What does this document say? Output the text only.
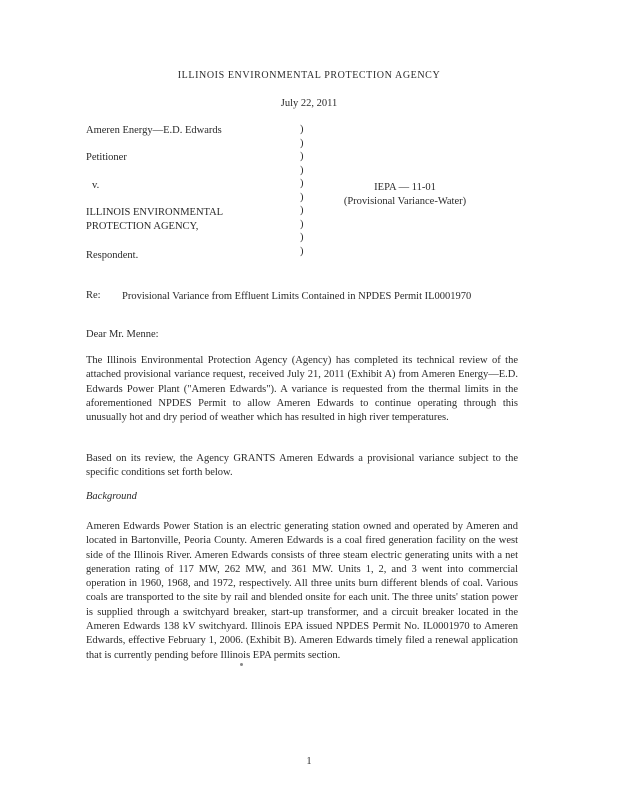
ILLINOIS ENVIRONMENTAL PROTECTION AGENCY
July 22, 2011
Ameren Energy—E.D. Edwards
Petitioner
v.
ILLINOIS ENVIRONMENTAL
PROTECTION AGENCY,
Respondent.
)
)
)
)
)
)
)
)
)
)
IEPA — 11-01
(Provisional Variance-Water)
Re: Provisional Variance from Effluent Limits Contained in NPDES Permit IL0001970
Dear Mr. Menne:
The Illinois Environmental Protection Agency (Agency) has completed its technical review of the attached provisional variance request, received July 21, 2011 (Exhibit A) from Ameren Energy—E.D. Edwards Power Plant ("Ameren Edwards"). A variance is requested from the thermal limits in the aforementioned NPDES Permit to allow Ameren Edwards to continue operating through this unusually hot and dry period of weather which has resulted in high river temperatures.
Based on its review, the Agency GRANTS Ameren Edwards a provisional variance subject to the specific conditions set forth below.
Background
Ameren Edwards Power Station is an electric generating station owned and operated by Ameren and located in Bartonville, Peoria County. Ameren Edwards is a coal fired generation facility on the west side of the Illinois River. Ameren Edwards consists of three steam electric generating units with a net generation rating of 117 MW, 262 MW, and 361 MW. Units 1, 2, and 3 went into commercial operation in 1960, 1968, and 1972, respectively. All three units burn different blends of coal. Various coals are transported to the site by rail and blended onsite for each unit. The three units' station power is supplied through a switchyard breaker, start-up transformer, and a circuit breaker located in the Ameren Edwards 138 kV switchyard. Illinois EPA issued NPDES Permit No. IL0001970 to Ameren Edwards, effective February 1, 2006. (Exhibit B). Ameren Edwards timely filed a renewal application that is currently pending before Illinois EPA permits section.
1
